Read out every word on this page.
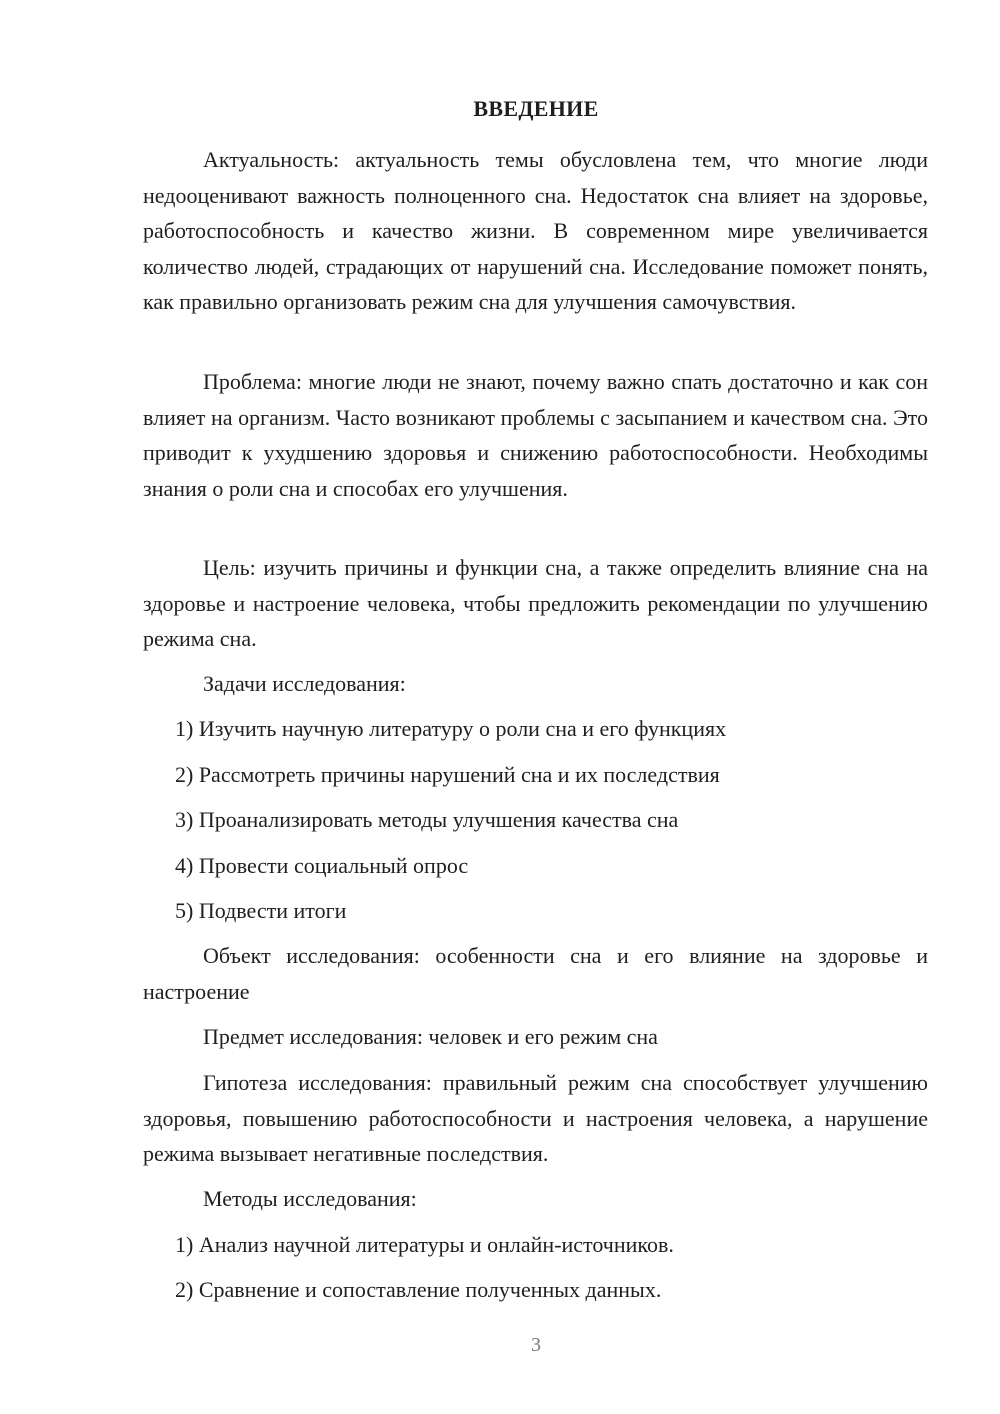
ВВЕДЕНИЕ

Актуальность: актуальность темы обусловлена тем, что многие люди недооценивают важность полноценного сна. Недостаток сна влияет на здоровье, работоспособность и качество жизни. В современном мире увеличивается количество людей, страдающих от нарушений сна. Исследование поможет понять, как правильно организовать режим сна для улучшения самочувствия.

Проблема: многие люди не знают, почему важно спать достаточно и как сон влияет на организм. Часто возникают проблемы с засыпанием и качеством сна. Это приводит к ухудшению здоровья и снижению работоспособности. Необходимы знания о роли сна и способах его улучшения.

Цель: изучить причины и функции сна, а также определить влияние сна на здоровье и настроение человека, чтобы предложить рекомендации по улучшению режима сна.

Задачи исследования:

1) Изучить научную литературу о роли сна и его функциях

2) Рассмотреть причины нарушений сна и их последствия

3) Проанализировать методы улучшения качества сна

4) Провести социальный опрос

5) Подвести итоги

Объект исследования: особенности сна и его влияние на здоровье и настроение

Предмет исследования: человек и его режим сна

Гипотеза исследования: правильный режим сна способствует улучшению здоровья, повышению работоспособности и настроения человека, а нарушение режима вызывает негативные последствия.

Методы исследования:

1) Анализ научной литературы и онлайн-источников.

2) Сравнение и сопоставление полученных данных.

3
